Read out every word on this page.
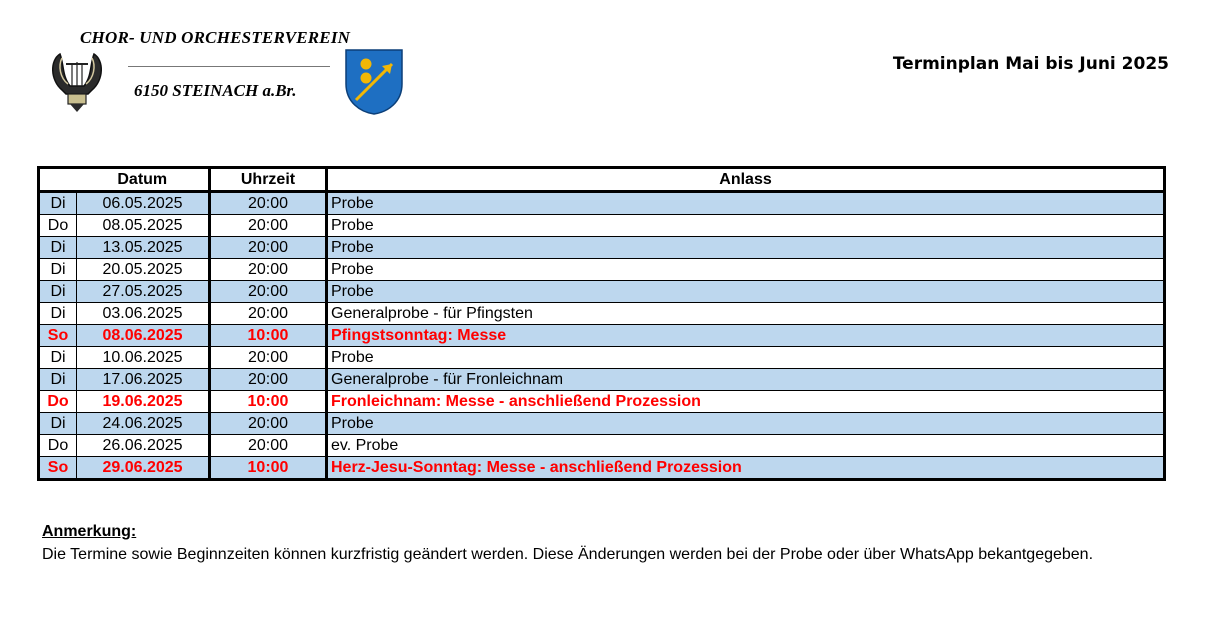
CHOR- UND ORCHESTERVEREIN
6150 STEINACH a.Br.
Terminplan Mai bis Juni 2025
	Datum	Uhrzeit	Anlass
Di	06.05.2025	20:00	Probe
Do	08.05.2025	20:00	Probe
Di	13.05.2025	20:00	Probe
Di	20.05.2025	20:00	Probe
Di	27.05.2025	20:00	Probe
Di	03.06.2025	20:00	Generalprobe - für Pfingsten
So	08.06.2025	10:00	Pfingstsonntag: Messe
Di	10.06.2025	20:00	Probe
Di	17.06.2025	20:00	Generalprobe - für Fronleichnam
Do	19.06.2025	10:00	Fronleichnam: Messe - anschließend Prozession
Di	24.06.2025	20:00	Probe
Do	26.06.2025	20:00	ev. Probe
So	29.06.2025	10:00	Herz-Jesu-Sonntag: Messe - anschließend Prozession
Anmerkung:
Die Termine sowie Beginnzeiten können kurzfristig geändert werden. Diese Änderungen werden bei der Probe oder über WhatsApp bekantgegeben.
